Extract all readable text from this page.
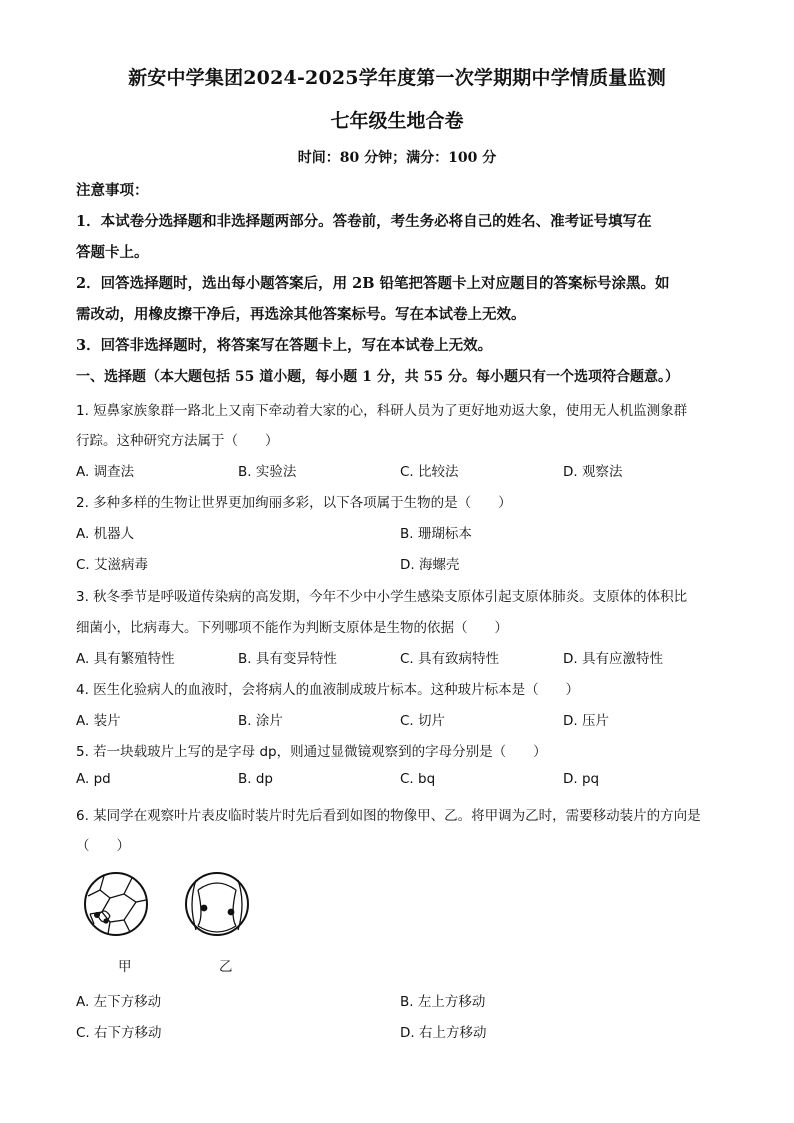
新安中学集团2024-2025学年度第一次学期期中学情质量监测
七年级生地合卷
时间：80 分钟；满分：100 分
注意事项：
1．本试卷分选择题和非选择题两部分。答卷前，考生务必将自己的姓名、准考证号填写在
答题卡上。
2．回答选择题时，选出每小题答案后，用 2B 铅笔把答题卡上对应题目的答案标号涂黑。如
需改动，用橡皮擦干净后，再选涂其他答案标号。写在本试卷上无效。
3．回答非选择题时，将答案写在答题卡上，写在本试卷上无效。
一、选择题（本大题包括 55 道小题，每小题 1 分，共 55 分。每小题只有一个选项符合题意。）
1. 短鼻家族象群一路北上又南下牵动着大家的心，科研人员为了更好地劝返大象，使用无人机监测象群
行踪。这种研究方法属于（　　）
A. 调查法	B. 实验法	C. 比较法	D. 观察法
2. 多种多样的生物让世界更加绚丽多彩，以下各项属于生物的是（　　）
A. 机器人	B. 珊瑚标本
C. 艾滋病毒	D. 海螺壳
3. 秋冬季节是呼吸道传染病的高发期，今年不少中小学生感染支原体引起支原体肺炎。支原体的体积比
细菌小，比病毒大。下列哪项不能作为判断支原体是生物的依据（　　）
A. 具有繁殖特性	B. 具有变异特性	C. 具有致病特性	D. 具有应激特性
4. 医生化验病人的血液时，会将病人的血液制成玻片标本。这种玻片标本是（　　）
A. 装片	B. 涂片	C. 切片	D. 压片
5. 若一块载玻片上写的是字母 dp，则通过显微镜观察到的字母分别是（　　）
A. pd	B. dp	C. bq	D. pq
6. 某同学在观察叶片表皮临时装片时先后看到如图的物像甲、乙。将甲调为乙时，需要移动装片的方向是
（　　）
甲	乙
A. 左下方移动	B. 左上方移动
C. 右下方移动	D. 右上方移动
